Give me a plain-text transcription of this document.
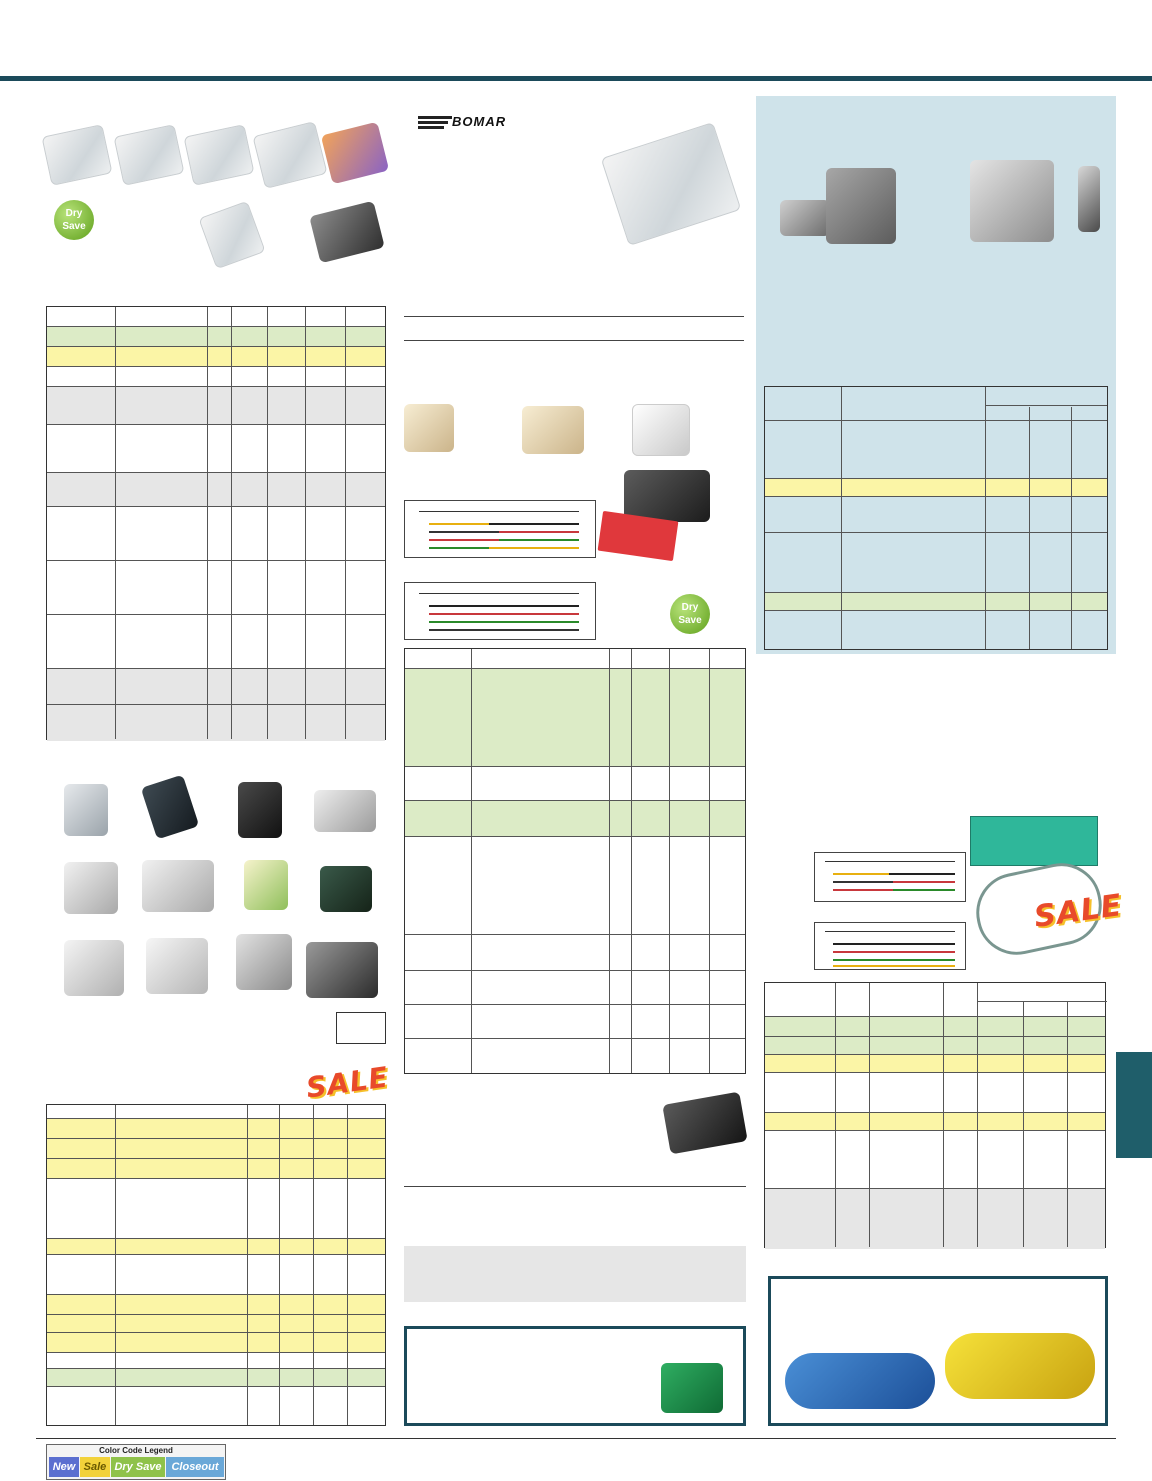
Dry Save
SALE
BOMAR
Dry Save
SALE
Color Code Legend
New Sale Dry Save Closeout
